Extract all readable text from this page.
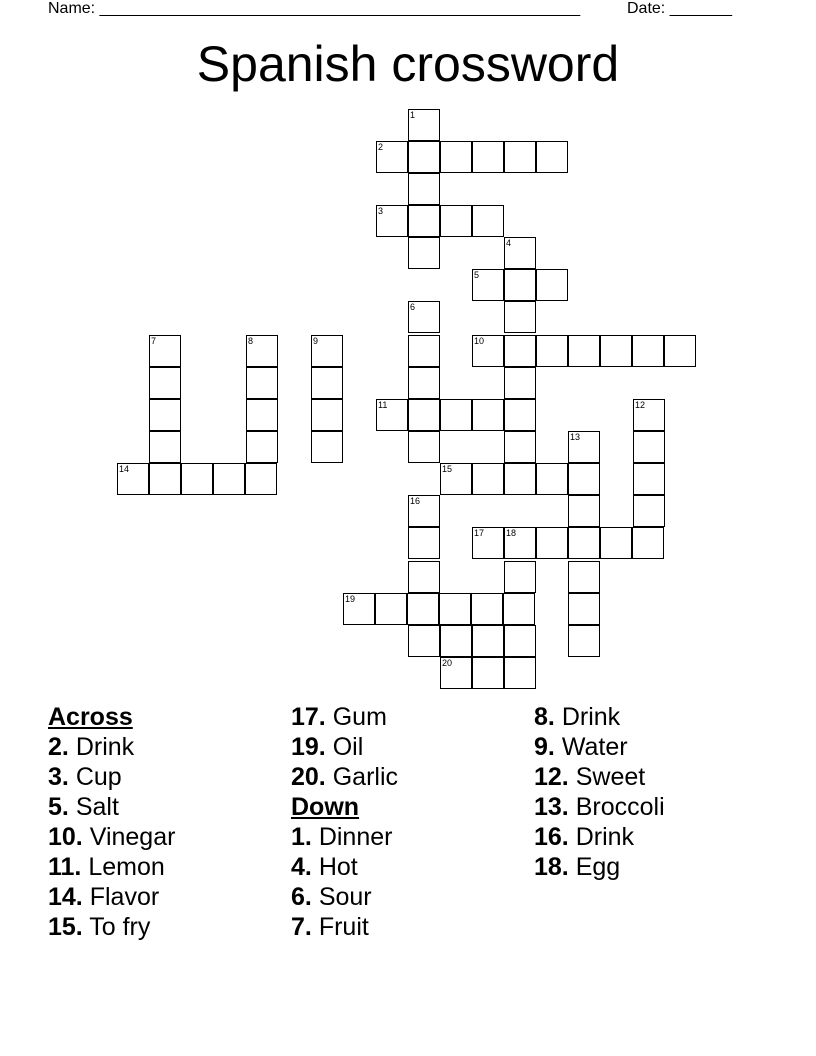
Name: ______________________________________________________	Date: _______
Spanish crossword
1
2
3
4
5
6
7	8	9	10
11	12
13
14	15
16
17 18
19
20
Across
2. Drink
3. Cup
5. Salt
10. Vinegar
11. Lemon
14. Flavor
15. To fry
17. Gum
19. Oil
20. Garlic
Down
1. Dinner
4. Hot
6. Sour
7. Fruit
8. Drink
9. Water
12. Sweet
13. Broccoli
16. Drink
18. Egg
